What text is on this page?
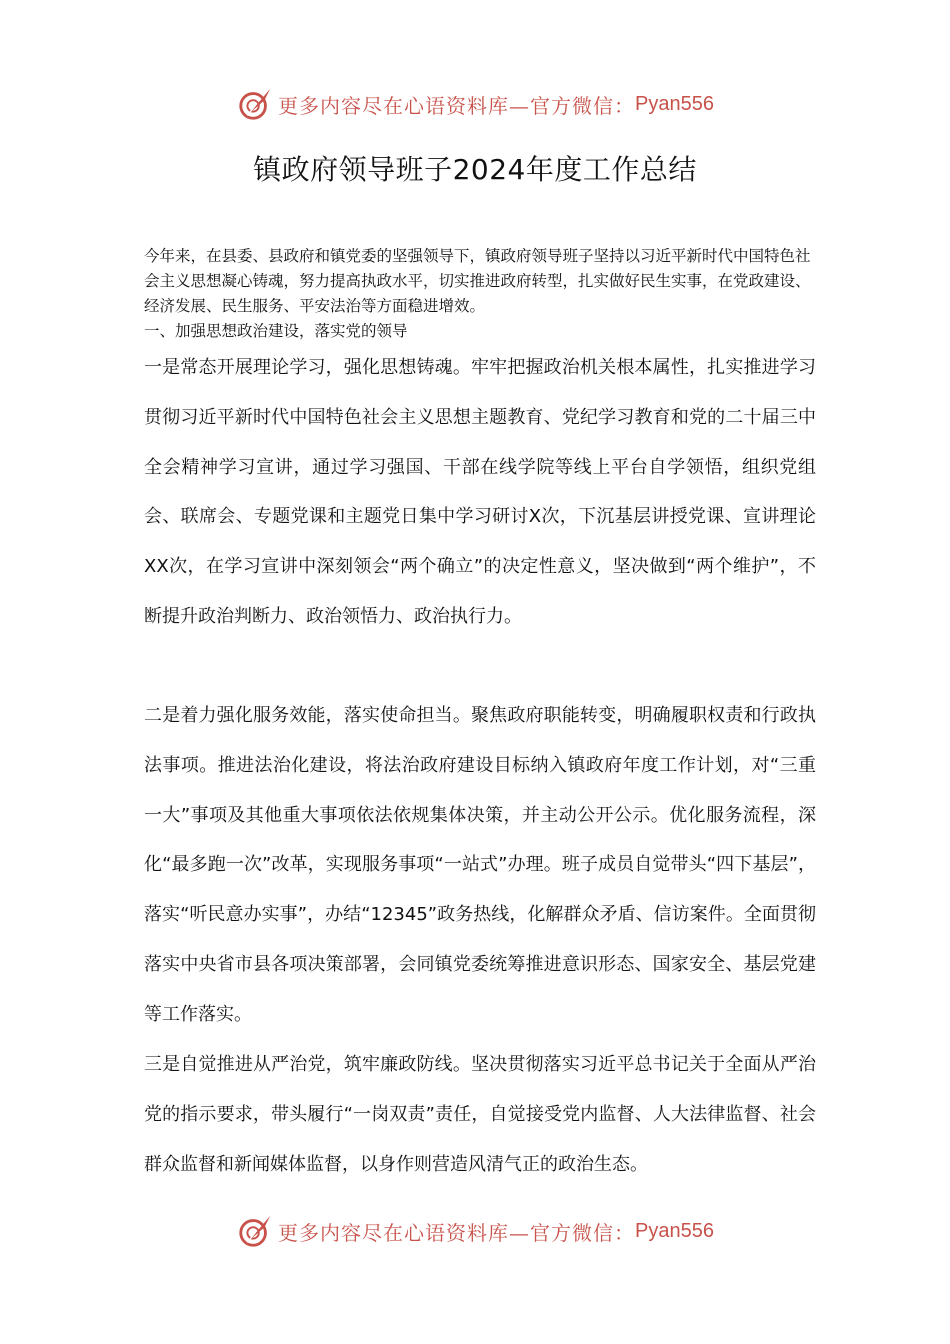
更多内容尽在心语资料库—官方微信： Pyan556
镇政府领导班子2024年度工作总结

今年来，在县委、县政府和镇党委的坚强领导下，镇政府领导班子坚持以习近平新时代中国特色社会主义思想凝心铸魂，努力提高执政水平，切实推进政府转型，扎实做好民生实事，在党政建设、经济发展、民生服务、平安法治等方面稳进增效。

一、加强思想政治建设，落实党的领导

一是常态开展理论学习，强化思想铸魂。牢牢把握政治机关根本属性，扎实推进学习贯彻习近平新时代中国特色社会主义思想主题教育、党纪学习教育和党的二十届三中全会精神学习宣讲，通过学习强国、干部在线学院等线上平台自学领悟，组织党组会、联席会、专题党课和主题党日集中学习研讨X次，下沉基层讲授党课、宣讲理论XX次，在学习宣讲中深刻领会“两个确立”的决定性意义，坚决做到“两个维护”，不断提升政治判断力、政治领悟力、政治执行力。

二是着力强化服务效能，落实使命担当。聚焦政府职能转变，明确履职权责和行政执法事项。推进法治化建设，将法治政府建设目标纳入镇政府年度工作计划，对“三重一大”事项及其他重大事项依法依规集体决策，并主动公开公示。优化服务流程，深化“最多跑一次”改革，实现服务事项“一站式”办理。班子成员自觉带头“四下基层”，落实“听民意办实事”，办结“12345”政务热线，化解群众矛盾、信访案件。全面贯彻落实中央省市县各项决策部署，会同镇党委统筹推进意识形态、国家安全、基层党建等工作落实。

三是自觉推进从严治党，筑牢廉政防线。坚决贯彻落实习近平总书记关于全面从严治党的指示要求，带头履行“一岗双责”责任，自觉接受党内监督、人大法律监督、社会群众监督和新闻媒体监督，以身作则营造风清气正的政治生态。

更多内容尽在心语资料库—官方微信： Pyan556
